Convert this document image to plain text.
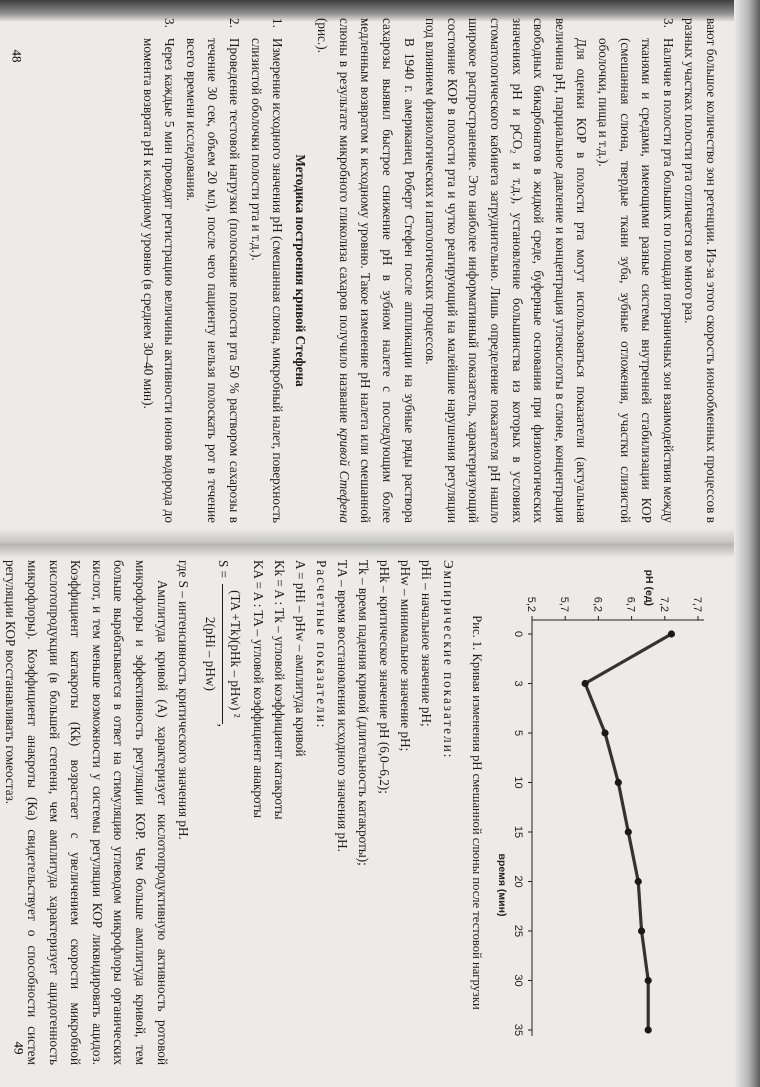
вают большое количество зон ретенции. Из-за этого скорость ионообменных процессов в разных участках полости рта отличается во много раз.

3.
Наличие в полости рта больших по площади пограничных зон взаимодействия между тканями и средами, имеющими разные системы внутренней стабилизации КОР (смешанная слюна, твердые ткани зуба, зубные отложения, участки слизистой оболочки, пища и т.д.).

Для оценки КОР в полости рта могут использоваться показатели (актуальная величина рН, парциальное давление и концентрация углекислоты в слюне, концентрация свободных бикарбонатов в жидкой среде, буферные основания при физиологических значениях рН и рСО₂ и т.д.), установление большинства из которых в условиях стоматологического кабинета затруднительно. Лишь определение показателя рН нашло широкое распространение. Это наиболее информативный показатель, характеризующий состояние КОР в полости рта и чутко реагирующий на малейшие нарушения регуляции под влиянием физиологических и патологических процессов.

В 1940 г. американец Роберт Стефен после аппликации на зубные ряды раствора сахарозы выявил быстрое снижение рН в зубном налете с последующим более медленным возвратом к исходному уровню. Такое изменение рН налета или смешанной слюны в результате микробного гликолиза сахаров получило название кривой Стефена (рис.).

Методика построения кривой Стефена
1.
Измерение исходного значения рН (смешанная слюна, микробный налет, поверхность слизистой оболочки полости рта и т.д.).
2.
Проведение тестовой нагрузки (полоскание полости рта 50 % раствором сахарозы в течение 30 сек, объем 20 мл), после чего пациенту нельзя полоскать рот в течение всего времени исследования.
3.
Через каждые 5 мин проводят регистрацию величины активности ионов водорода до момента возврата рН к исходному уровню (в среднем 30–40 мин).
7,7
7,2
6,7
6,2
5,7
5,2
0
3
5
10
15
20
25
30
35
рН (ед)
время (мин)
Рис. 1. Кривая изменения рН смешанной слюны после тестовой нагрузки
Эмпирические показатели:
рНi – начальное значение рН;
рНw – минимальное значение рН;
рНk – критическое значение рН (6,0–6,2);
Тk – время падения кривой (длительность катакроты);
ТA – время восстановления исходного значения рН.
Расчетные показатели:
A = рНi – рНw – амплитуда кривой
Kk = A : Tk – угловой коэффициент катакроты
KA = A : TA – угловой коэффициент анакроты
S =
(TA +Tk)(рНk – рНw) ²
2(рНi – рНw)
,
где S – интенсивность критического значения рН.

Амплитуда кривой (А) характеризует кислотопродуктивную активность ротовой микрофлоры и эффективность регуляции КОР. Чем больше амплитуда кривой, тем больше вырабатывается в ответ на стимуляцию углеводом микрофлоры органических кислот, и тем меньше возможности у системы регуляции КОР ликвидировать ацидоз. Коэффициент катакроты (Кk) возрастает с увеличением скорости микробной кислотопродукции (в большей степени, чем амплитуда характеризует ацидогенность микрофлоры). Коэффициент анакроты (Ка) свидетельствует о способности систем регуляции КОР восстанавливать гомеостаз.

48
49
